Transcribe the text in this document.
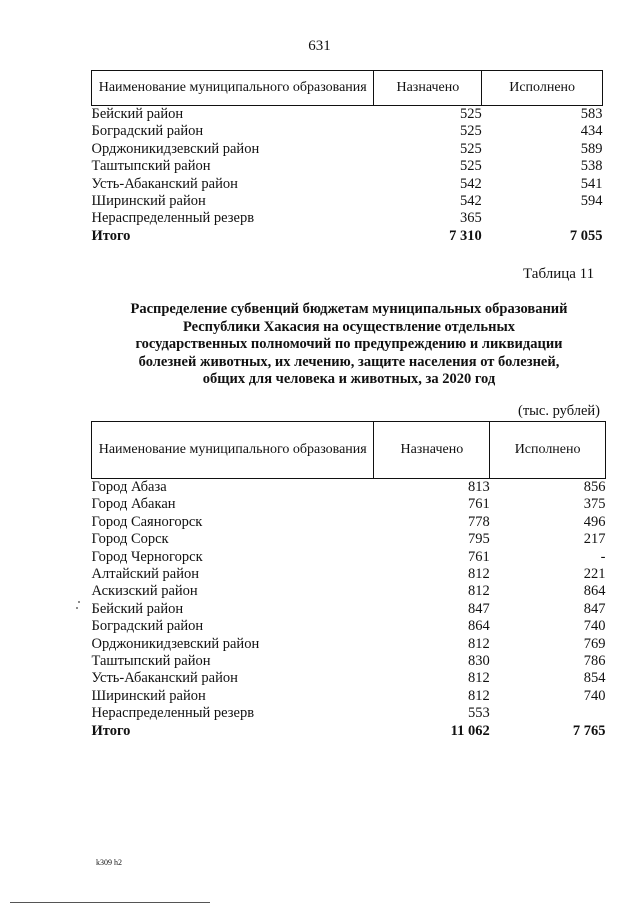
631
Наименование муниципального образования	Назначено	Исполнено
Бейский район	525	583
Боградский район	525	434
Орджоникидзевский район	525	589
Таштыпский район	525	538
Усть-Абаканский район	542	541
Ширинский район	542	594
Нераспределенный резерв	365	
Итого	7 310	7 055
Таблица 11
Распределение субвенций бюджетам муниципальных образований
Республики Хакасия на осуществление отдельных
государственных полномочий по предупреждению и ликвидации
болезней животных, их лечению, защите населения от болезней,
общих для человека и животных, за 2020 год
(тыс. рублей)
Наименование муниципального образования	Назначено	Исполнено
Город Абаза	813	856
Город Абакан	761	375
Город Саяногорск	778	496
Город Сорск	795	217
Город Черногорск	761	-
Алтайский район	812	221
Аскизский район	812	864
Бейский район	847	847
Боградский район	864	740
Орджоникидзевский район	812	769
Таштыпский район	830	786
Усть-Абаканский район	812	854
Ширинский район	812	740
Нераспределенный резерв	553	
Итого	11 062	7 765
k309 h2
